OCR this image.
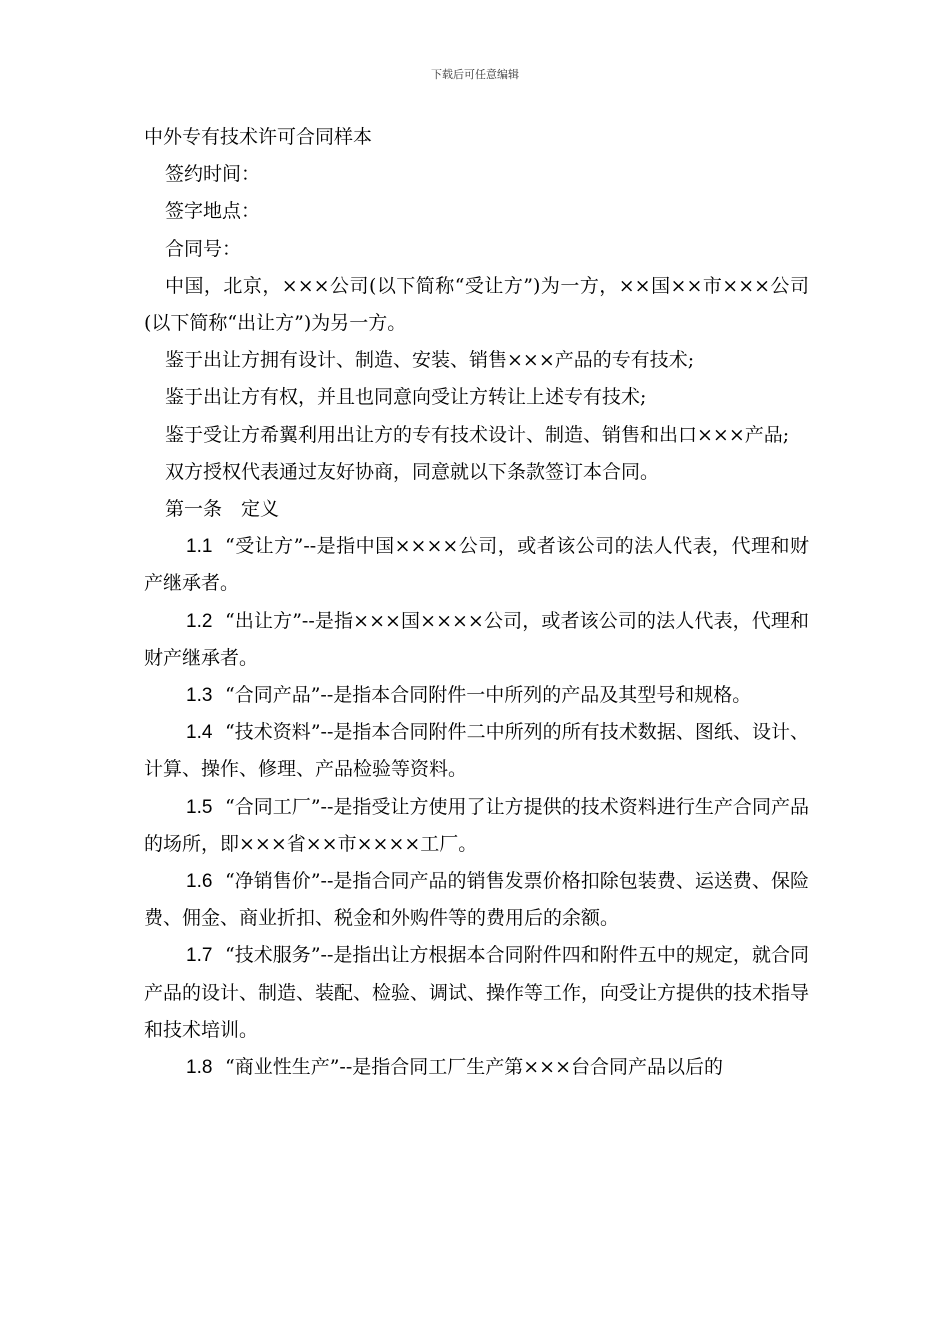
下载后可任意编辑

中外专有技术许可合同样本

签约时间：

签字地点：

合同号：

中国，北京，×××公司(以下简称“受让方”)为一方，××国××市×××公司(以下简称“出让方”)为另一方。

鉴于出让方拥有设计、制造、安装、销售×××产品的专有技术;

鉴于出让方有权，并且也同意向受让方转让上述专有技术;

鉴于受让方希翼利用出让方的专有技术设计、制造、销售和出口×××产品;

双方授权代表通过友好协商，同意就以下条款签订本合同。

第一条　定义

1.1 “受让方”--是指中国××××公司，或者该公司的法人代表，代理和财产继承者。

1.2 “出让方”--是指×××国××××公司，或者该公司的法人代表，代理和财产继承者。

1.3 “合同产品”--是指本合同附件一中所列的产品及其型号和规格。

1.4 “技术资料”--是指本合同附件二中所列的所有技术数据、图纸、设计、计算、操作、修理、产品检验等资料。

1.5 “合同工厂”--是指受让方使用了让方提供的技术资料进行生产合同产品的场所，即×××省××市××××工厂。

1.6 “净销售价”--是指合同产品的销售发票价格扣除包装费、运送费、保险费、佣金、商业折扣、税金和外购件等的费用后的余额。

1.7 “技术服务”--是指出让方根据本合同附件四和附件五中的规定，就合同产品的设计、制造、装配、检验、调试、操作等工作，向受让方提供的技术指导和技术培训。

1.8 “商业性生产”--是指合同工厂生产第×××台合同产品以后的
